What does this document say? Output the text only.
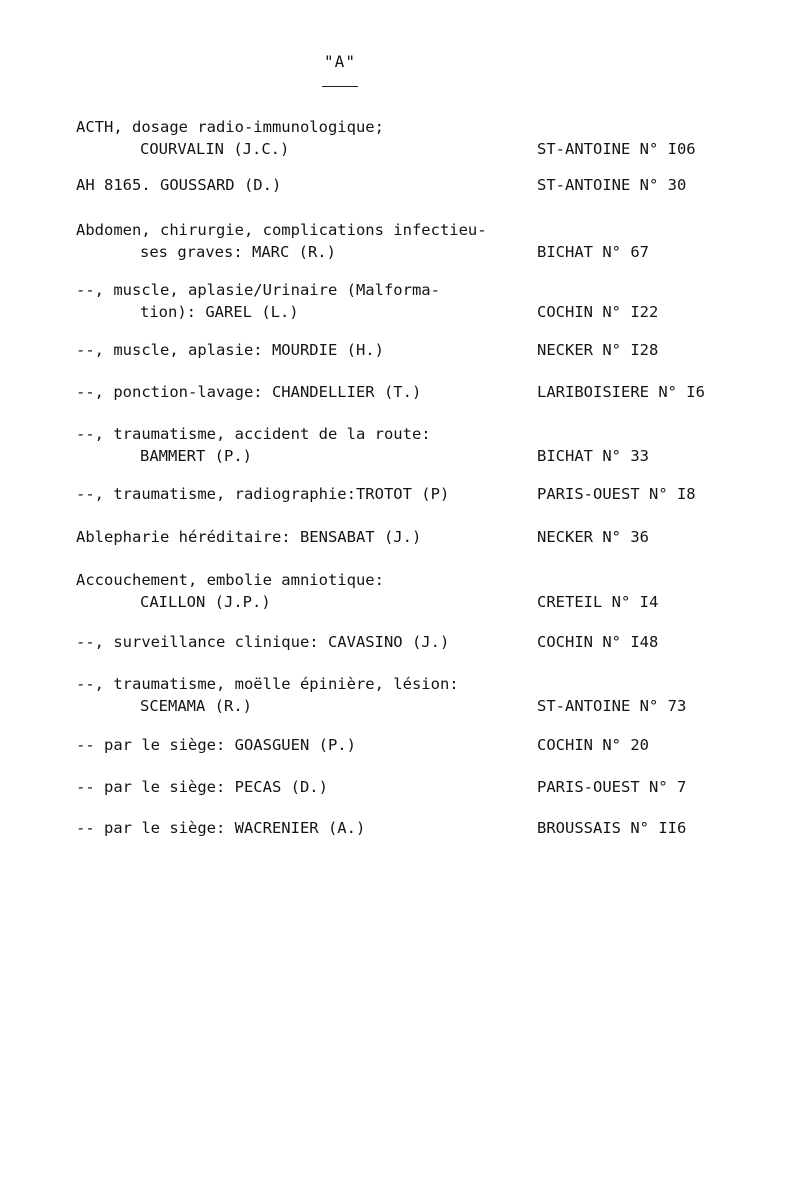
"A"
ACTH, dosage radio-immunologique;
COURVALIN (J.C.)	ST-ANTOINE N° I06
AH 8165. GOUSSARD (D.)	ST-ANTOINE N° 30
Abdomen, chirurgie, complications infectieu-
ses graves: MARC (R.)	BICHAT N° 67
--, muscle, aplasie/Urinaire (Malforma-
tion): GAREL (L.)	COCHIN N° I22
--, muscle, aplasie: MOURDIE (H.)	NECKER N° I28
--, ponction-lavage: CHANDELLIER (T.)	LARIBOISIERE N° I6
--, traumatisme, accident de la route:
BAMMERT (P.)	BICHAT N° 33
--, traumatisme, radiographie:TROTOT (P)	PARIS-OUEST N° I8
Ablepharie héréditaire: BENSABAT (J.)	NECKER N° 36
Accouchement, embolie amniotique:
CAILLON (J.P.)	CRETEIL N° I4
--, surveillance clinique: CAVASINO (J.)	COCHIN N° I48
--, traumatisme, moëlle épinière, lésion:
SCEMAMA (R.)	ST-ANTOINE N° 73
-- par le siège: GOASGUEN (P.)	COCHIN N° 20
-- par le siège: PECAS (D.)	PARIS-OUEST N° 7
-- par le siège: WACRENIER (A.)	BROUSSAIS N° II6
